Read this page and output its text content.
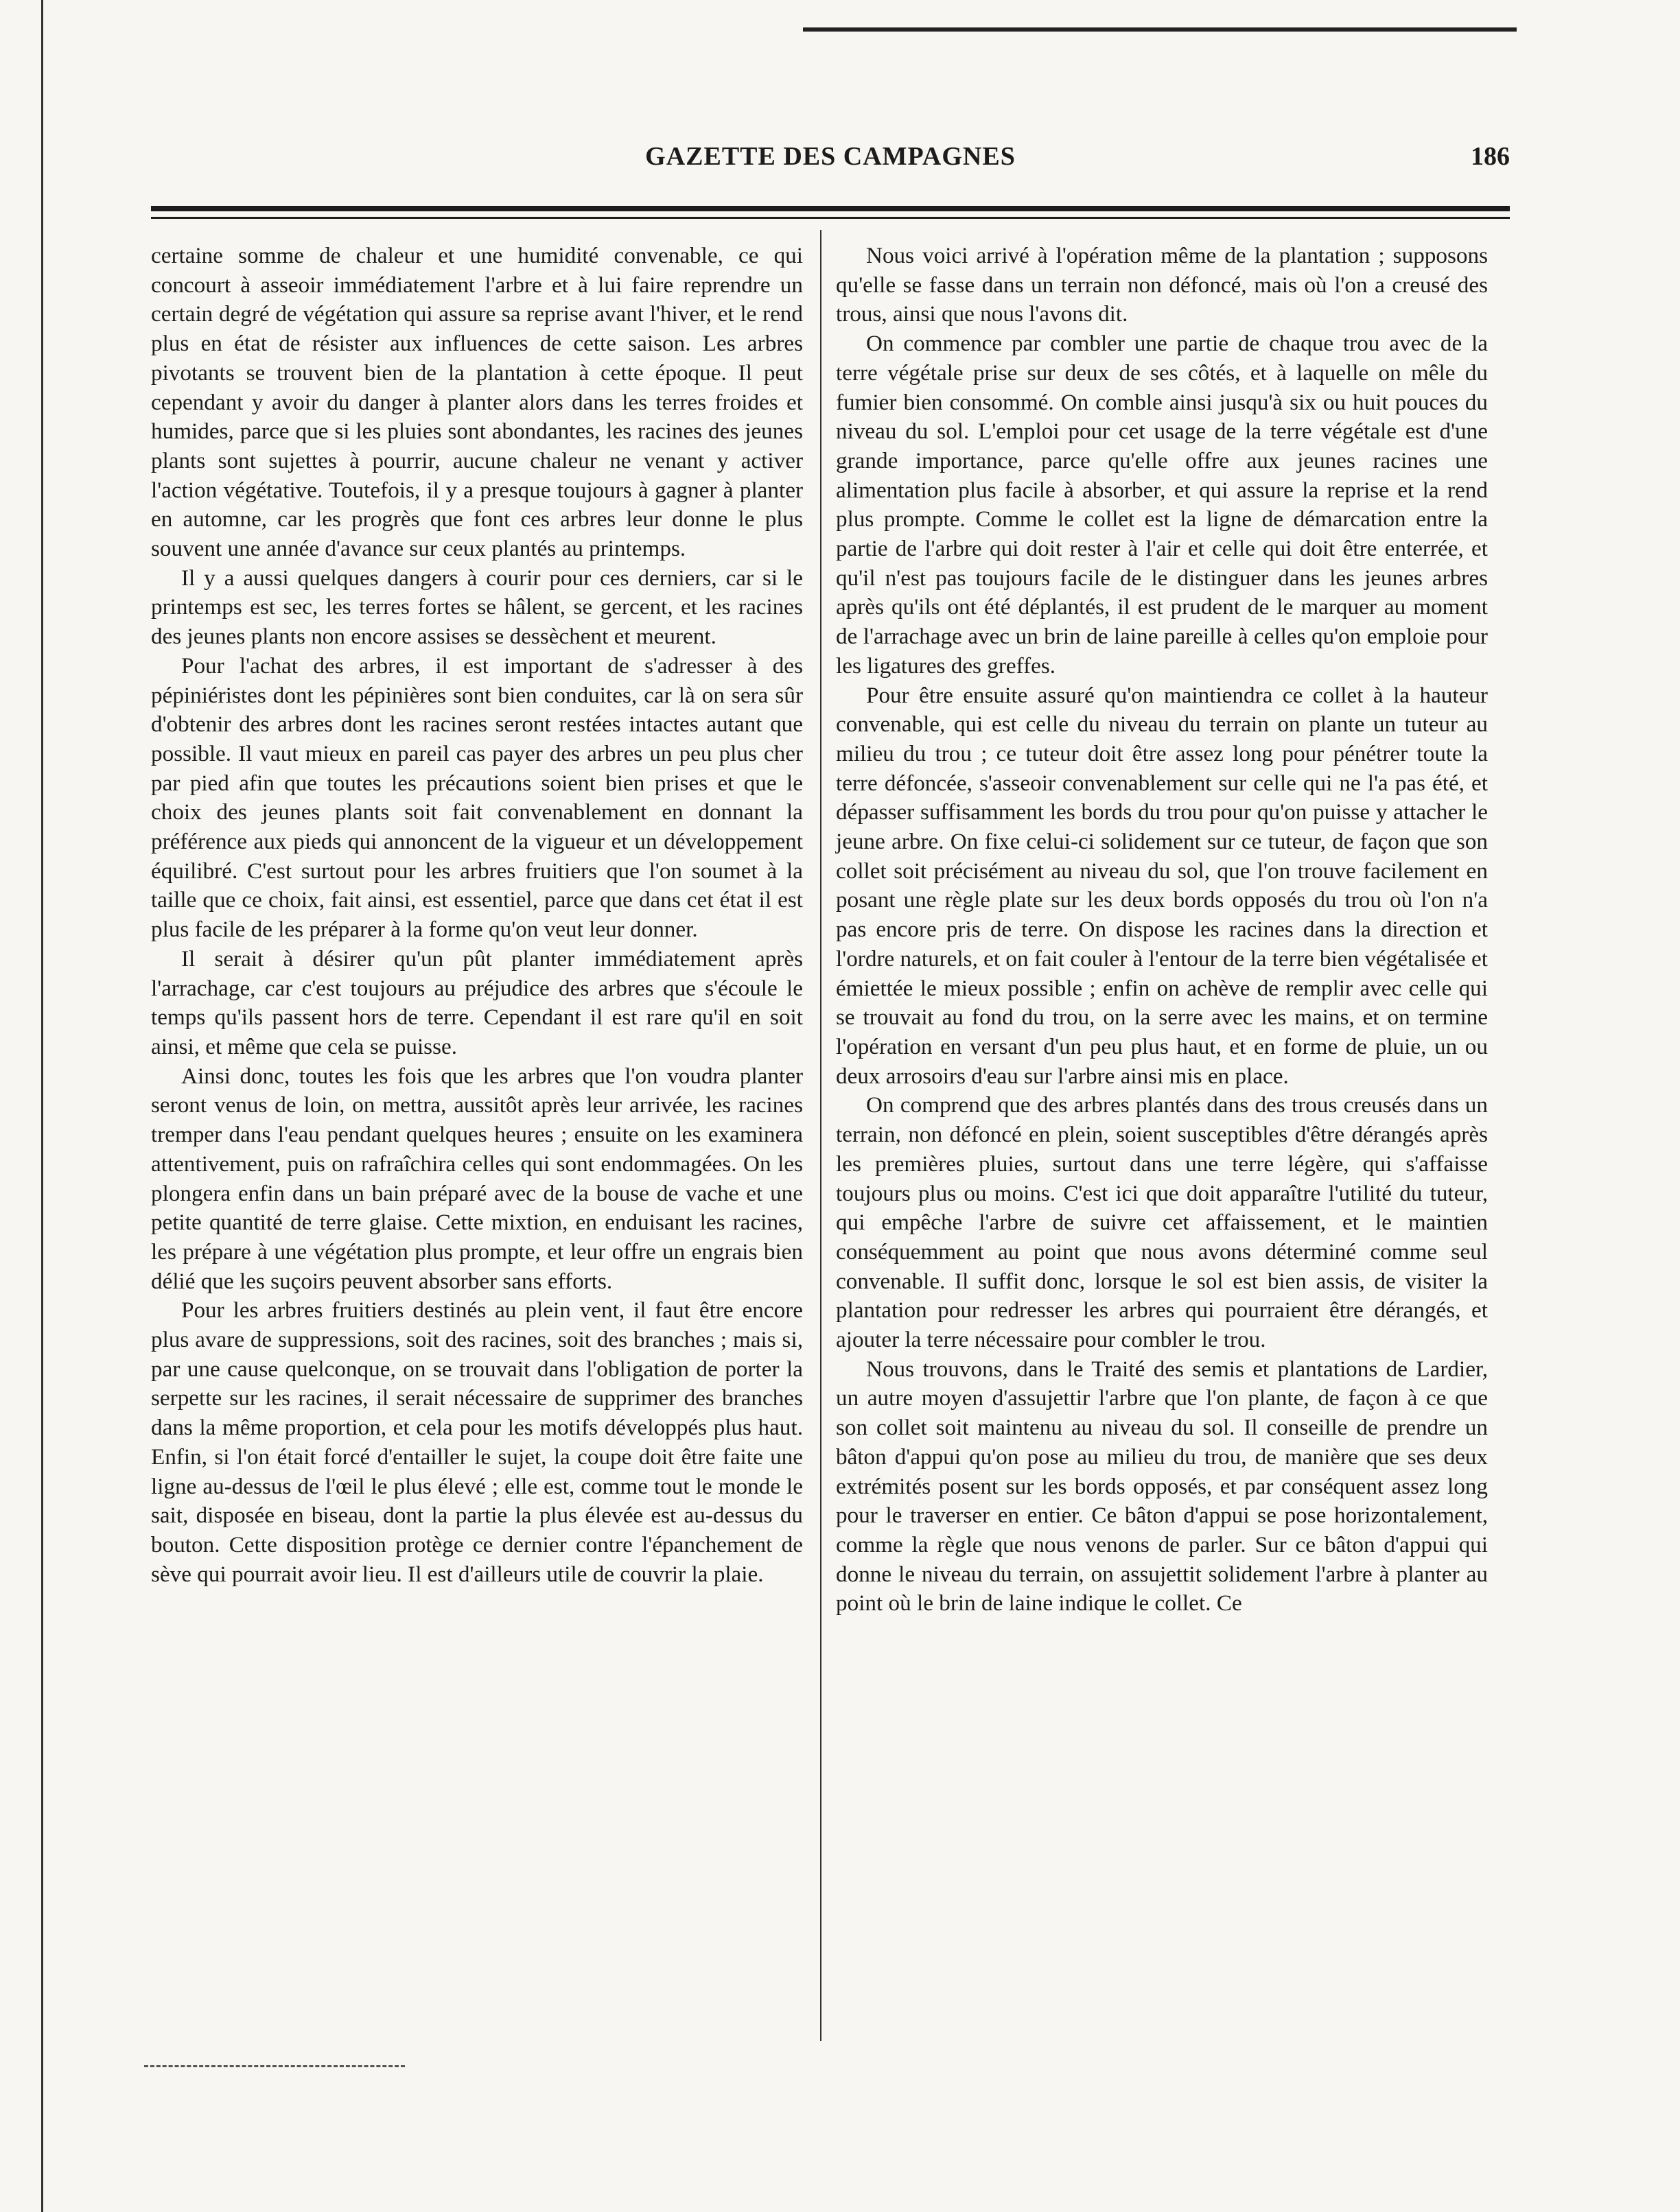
GAZETTE DES CAMPAGNES	186

certaine somme de chaleur et une humidité convenable, ce qui concourt à asseoir immédiatement l'arbre et à lui faire reprendre un certain degré de végétation qui assure sa reprise avant l'hiver, et le rend plus en état de résister aux influences de cette saison. Les arbres pivotants se trouvent bien de la plantation à cette époque. Il peut cependant y avoir du danger à planter alors dans les terres froides et humides, parce que si les pluies sont abondantes, les racines des jeunes plants sont sujettes à pourrir, aucune chaleur ne venant y activer l'action végétative. Toutefois, il y a presque toujours à gagner à planter en automne, car les progrès que font ces arbres leur donne le plus souvent une année d'avance sur ceux plantés au printemps.

Il y a aussi quelques dangers à courir pour ces derniers, car si le printemps est sec, les terres fortes se hâlent, se gercent, et les racines des jeunes plants non encore assises se dessèchent et meurent.

Pour l'achat des arbres, il est important de s'adresser à des pépiniéristes dont les pépinières sont bien conduites, car là on sera sûr d'obtenir des arbres dont les racines seront restées intactes autant que possible. Il vaut mieux en pareil cas payer des arbres un peu plus cher par pied afin que toutes les précautions soient bien prises et que le choix des jeunes plants soit fait convenablement en donnant la préférence aux pieds qui annoncent de la vigueur et un développement équilibré. C'est surtout pour les arbres fruitiers que l'on soumet à la taille que ce choix, fait ainsi, est essentiel, parce que dans cet état il est plus facile de les préparer à la forme qu'on veut leur donner.

Il serait à désirer qu'un pût planter immédiatement après l'arrachage, car c'est toujours au préjudice des arbres que s'écoule le temps qu'ils passent hors de terre. Cependant il est rare qu'il en soit ainsi, et même que cela se puisse.

Ainsi donc, toutes les fois que les arbres que l'on voudra planter seront venus de loin, on mettra, aussitôt après leur arrivée, les racines tremper dans l'eau pendant quelques heures ; ensuite on les examinera attentivement, puis on rafraîchira celles qui sont endommagées. On les plongera enfin dans un bain préparé avec de la bouse de vache et une petite quantité de terre glaise. Cette mixtion, en enduisant les racines, les prépare à une végétation plus prompte, et leur offre un engrais bien délié que les suçoirs peuvent absorber sans efforts.

Pour les arbres fruitiers destinés au plein vent, il faut être encore plus avare de suppressions, soit des racines, soit des branches ; mais si, par une cause quelconque, on se trouvait dans l'obligation de porter la serpette sur les racines, il serait nécessaire de supprimer des branches dans la même proportion, et cela pour les motifs développés plus haut. Enfin, si l'on était forcé d'entailler le sujet, la coupe doit être faite une ligne au-dessus de l'œil le plus élevé ; elle est, comme tout le monde le sait, disposée en biseau, dont la partie la plus élevée est au-dessus du bouton. Cette disposition protège ce dernier contre l'épanchement de sève qui pourrait avoir lieu. Il est d'ailleurs utile de couvrir la plaie.

Nous voici arrivé à l'opération même de la plantation ; supposons qu'elle se fasse dans un terrain non défoncé, mais où l'on a creusé des trous, ainsi que nous l'avons dit.

On commence par combler une partie de chaque trou avec de la terre végétale prise sur deux de ses côtés, et à laquelle on mêle du fumier bien consommé. On comble ainsi jusqu'à six ou huit pouces du niveau du sol. L'emploi pour cet usage de la terre végétale est d'une grande importance, parce qu'elle offre aux jeunes racines une alimentation plus facile à absorber, et qui assure la reprise et la rend plus prompte. Comme le collet est la ligne de démarcation entre la partie de l'arbre qui doit rester à l'air et celle qui doit être enterrée, et qu'il n'est pas toujours facile de le distinguer dans les jeunes arbres après qu'ils ont été déplantés, il est prudent de le marquer au moment de l'arrachage avec un brin de laine pareille à celles qu'on emploie pour les ligatures des greffes.

Pour être ensuite assuré qu'on maintiendra ce collet à la hauteur convenable, qui est celle du niveau du terrain on plante un tuteur au milieu du trou ; ce tuteur doit être assez long pour pénétrer toute la terre défoncée, s'asseoir convenablement sur celle qui ne l'a pas été, et dépasser suffisamment les bords du trou pour qu'on puisse y attacher le jeune arbre. On fixe celui-ci solidement sur ce tuteur, de façon que son collet soit précisément au niveau du sol, que l'on trouve facilement en posant une règle plate sur les deux bords opposés du trou où l'on n'a pas encore pris de terre. On dispose les racines dans la direction et l'ordre naturels, et on fait couler à l'entour de la terre bien végétalisée et émiettée le mieux possible ; enfin on achève de remplir avec celle qui se trouvait au fond du trou, on la serre avec les mains, et on termine l'opération en versant d'un peu plus haut, et en forme de pluie, un ou deux arrosoirs d'eau sur l'arbre ainsi mis en place.

On comprend que des arbres plantés dans des trous creusés dans un terrain, non défoncé en plein, soient susceptibles d'être dérangés après les premières pluies, surtout dans une terre légère, qui s'affaisse toujours plus ou moins. C'est ici que doit apparaître l'utilité du tuteur, qui empêche l'arbre de suivre cet affaissement, et le maintien conséquemment au point que nous avons déterminé comme seul convenable. Il suffit donc, lorsque le sol est bien assis, de visiter la plantation pour redresser les arbres qui pourraient être dérangés, et ajouter la terre nécessaire pour combler le trou.

Nous trouvons, dans le Traité des semis et plantations de Lardier, un autre moyen d'assujettir l'arbre que l'on plante, de façon à ce que son collet soit maintenu au niveau du sol. Il conseille de prendre un bâton d'appui qu'on pose au milieu du trou, de manière que ses deux extrémités posent sur les bords opposés, et par conséquent assez long pour le traverser en entier. Ce bâton d'appui se pose horizontalement, comme la règle que nous venons de parler. Sur ce bâton d'appui qui donne le niveau du terrain, on assujettit solidement l'arbre à planter au point où le brin de laine indique le collet. Ce
